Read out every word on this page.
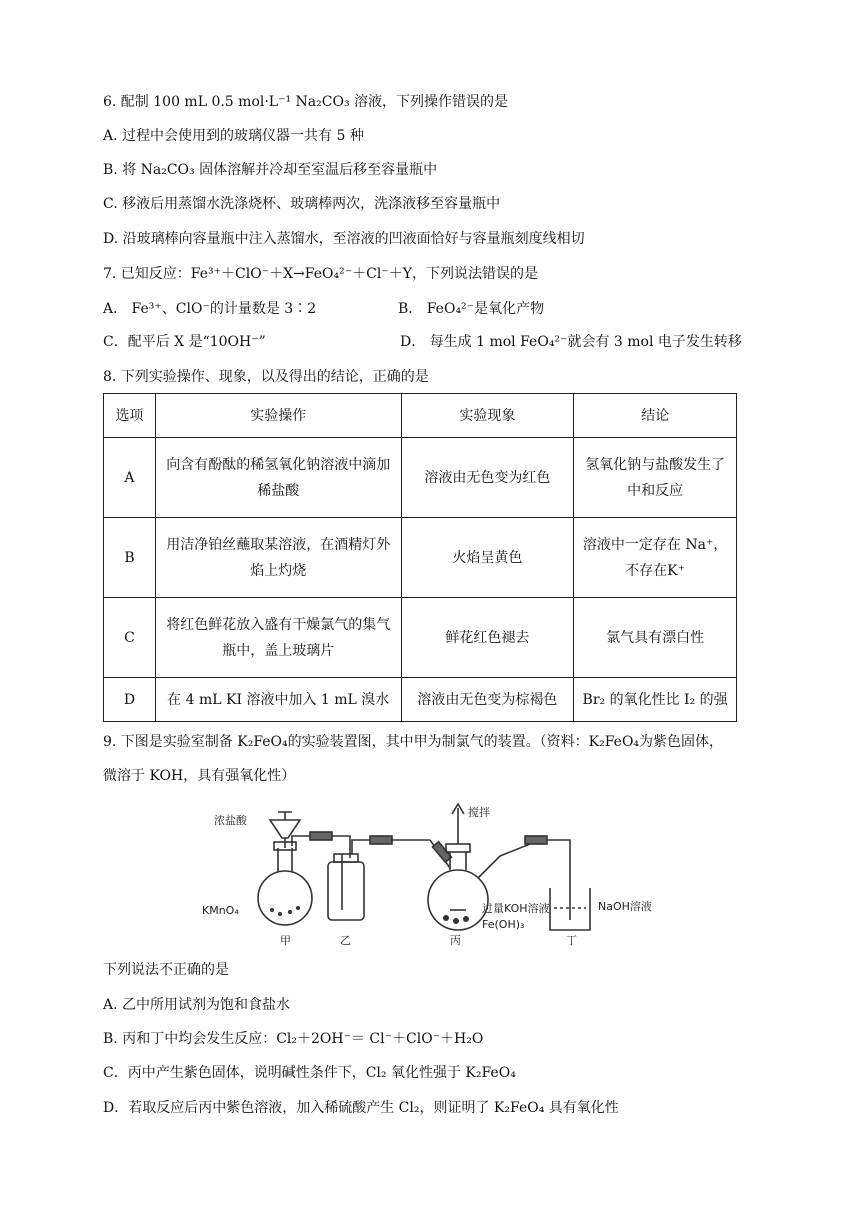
6. 配制 100 mL 0.5 mol·L⁻¹ Na₂CO₃ 溶液，下列操作错误的是
A. 过程中会使用到的玻璃仪器一共有 5 种
B. 将 Na₂CO₃ 固体溶解并冷却至室温后移至容量瓶中
C. 移液后用蒸馏水洗涤烧杯、玻璃棒两次，洗涤液移至容量瓶中
D. 沿玻璃棒向容量瓶中注入蒸馏水，至溶液的凹液面恰好与容量瓶刻度线相切
7. 已知反应：Fe³⁺＋ClO⁻＋X→FeO₄²⁻＋Cl⁻＋Y，下列说法错误的是
A． Fe³⁺、ClO⁻的计量数是 3∶2	B． FeO₄²⁻是氧化产物
C．配平后 X 是“10OH⁻”	D． 每生成 1 mol FeO₄²⁻就会有 3 mol 电子发生转移
8. 下列实验操作、现象，以及得出的结论，正确的是
选项	实验操作	实验现象	结论
A	向含有酚酞的稀氢氧化钠溶液中滴加稀盐酸	溶液由无色变为红色	氢氧化钠与盐酸发生了中和反应
B	用洁净铂丝蘸取某溶液，在酒精灯外焰上灼烧	火焰呈黄色	溶液中一定存在 Na⁺，不存在K⁺
C	将红色鲜花放入盛有干燥氯气的集气瓶中，盖上玻璃片	鲜花红色褪去	氯气具有漂白性
D	在 4 mL KI 溶液中加入 1 mL 溴水	溶液由无色变为棕褐色	Br₂ 的氧化性比 I₂ 的强
9. 下图是实验室制备 K₂FeO₄的实验装置图，其中甲为制氯气的装置。（资料：K₂FeO₄为紫色固体，
微溶于 KOH，具有强氧化性）
浓盐酸
KMnO₄
搅拌
过量KOH溶液
Fe(OH)₃
NaOH溶液
甲	乙	丙	丁
下列说法不正确的是
A. 乙中所用试剂为饱和食盐水
B. 丙和丁中均会发生反应：Cl₂＋2OH⁻＝ Cl⁻＋ClO⁻＋H₂O
C．丙中产生紫色固体，说明碱性条件下，Cl₂ 氧化性强于 K₂FeO₄
D．若取反应后丙中紫色溶液，加入稀硫酸产生 Cl₂，则证明了 K₂FeO₄ 具有氧化性
